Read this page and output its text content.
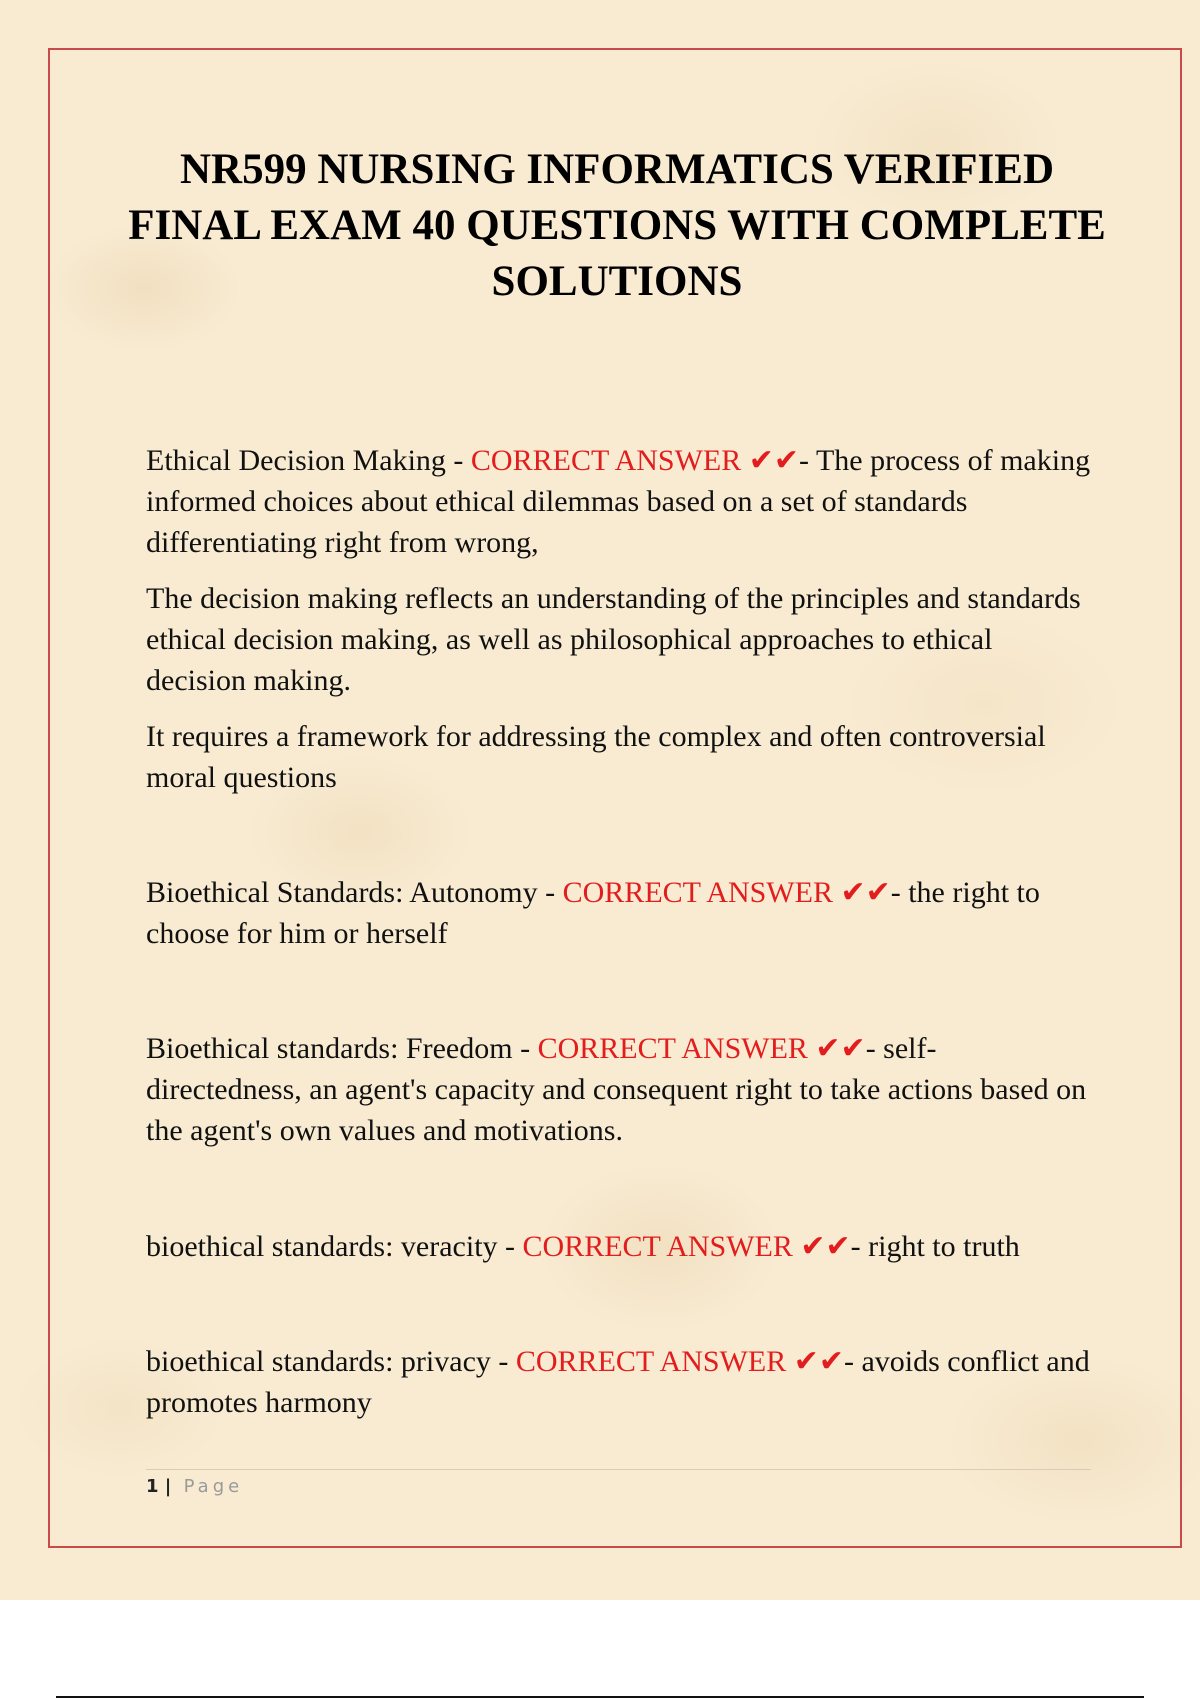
NR599 NURSING INFORMATICS VERIFIED FINAL EXAM 40 QUESTIONS WITH COMPLETE SOLUTIONS

Ethical Decision Making - CORRECT ANSWER ✔✔- The process of making informed choices about ethical dilemmas based on a set of standards differentiating right from wrong,

The decision making reflects an understanding of the principles and standards ethical decision making, as well as philosophical approaches to ethical decision making.

It requires a framework for addressing the complex and often controversial moral questions

Bioethical Standards: Autonomy - CORRECT ANSWER ✔✔- the right to choose for him or herself

Bioethical standards: Freedom - CORRECT ANSWER ✔✔- self-directedness, an agent's capacity and consequent right to take actions based on the agent's own values and motivations.

bioethical standards: veracity - CORRECT ANSWER ✔✔- right to truth

bioethical standards: privacy - CORRECT ANSWER ✔✔- avoids conflict and promotes harmony

1 | Page
